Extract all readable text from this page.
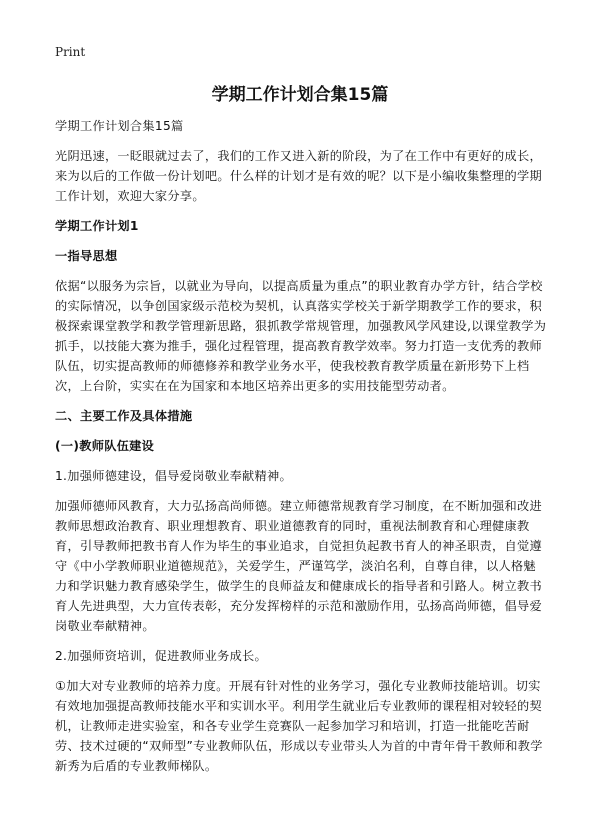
Print
学期工作计划合集15篇

学期工作计划合集15篇

光阴迅速，一眨眼就过去了，我们的工作又进入新的阶段，为了在工作中有更好的成长，来为以后的工作做一份计划吧。什么样的计划才是有效的呢？以下是小编收集整理的学期工作计划，欢迎大家分享。

学期工作计划1
一指导思想

依据“以服务为宗旨，以就业为导向，以提高质量为重点”的职业教育办学方针，结合学校的实际情况，以争创国家级示范校为契机，认真落实学校关于新学期教学工作的要求，积极探索课堂教学和教学管理新思路，狠抓教学常规管理，加强教风学风建设,以课堂教学为抓手，以技能大赛为推手，强化过程管理，提高教育教学效率。努力打造一支优秀的教师队伍，切实提高教师的师德修养和教学业务水平，使我校教育教学质量在新形势下上档次，上台阶，实实在在为国家和本地区培养出更多的实用技能型劳动者。

二、主要工作及具体措施
(一)教师队伍建设

1.加强师德建设，倡导爱岗敬业奉献精神。

加强师德师风教育，大力弘扬高尚师德。建立师德常规教育学习制度，在不断加强和改进教师思想政治教育、职业理想教育、职业道德教育的同时，重视法制教育和心理健康教育，引导教师把教书育人作为毕生的事业追求，自觉担负起教书育人的神圣职责，自觉遵守《中小学教师职业道德规范》，关爱学生，严谨笃学，淡泊名利，自尊自律，以人格魅力和学识魅力教育感染学生，做学生的良师益友和健康成长的指导者和引路人。树立教书育人先进典型，大力宣传表彰，充分发挥榜样的示范和激励作用，弘扬高尚师德，倡导爱岗敬业奉献精神。

2.加强师资培训，促进教师业务成长。

①加大对专业教师的培养力度。开展有针对性的业务学习，强化专业教师技能培训。切实有效地加强提高教师技能水平和实训水平。利用学生就业后专业教师的课程相对较轻的契机，让教师走进实验室，和各专业学生竞赛队一起参加学习和培训，打造一批能吃苦耐劳、技术过硬的“双师型”专业教师队伍，形成以专业带头人为首的中青年骨干教师和教学新秀为后盾的专业教师梯队。
